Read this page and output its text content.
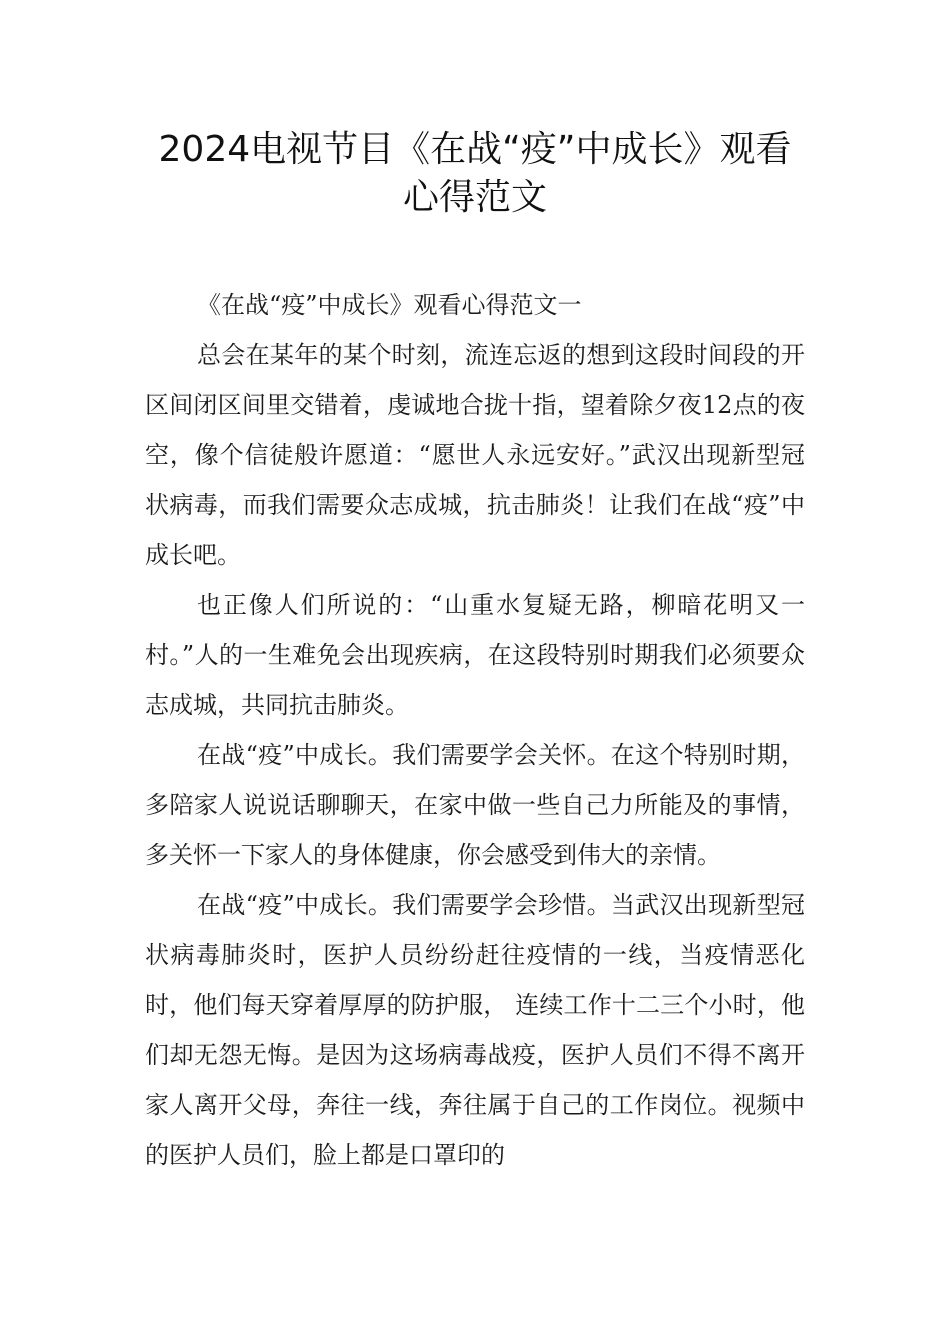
2024电视节目《在战“疫”中成长》观看心得范文

《在战“疫”中成长》观看心得范文一

总会在某年的某个时刻，流连忘返的想到这段时间段的开区间闭区间里交错着，虔诚地合拢十指，望着除夕夜12点的夜空，像个信徒般许愿道：“愿世人永远安好。”武汉出现新型冠状病毒，而我们需要众志成城，抗击肺炎！让我们在战“疫”中成长吧。

也正像人们所说的：“山重水复疑无路，柳暗花明又一村。”人的一生难免会出现疾病，在这段特别时期我们必须要众志成城，共同抗击肺炎。

在战“疫”中成长。我们需要学会关怀。在这个特别时期，多陪家人说说话聊聊天，在家中做一些自己力所能及的事情，多关怀一下家人的身体健康，你会感受到伟大的亲情。

在战“疫”中成长。我们需要学会珍惜。当武汉出现新型冠状病毒肺炎时，医护人员纷纷赶往疫情的一线，当疫情恶化时，他们每天穿着厚厚的防护服， 连续工作十二三个小时，他们却无怨无悔。是因为这场病毒战疫，医护人员们不得不离开家人离开父母，奔往一线，奔往属于自己的工作岗位。视频中的医护人员们，脸上都是口罩印的
